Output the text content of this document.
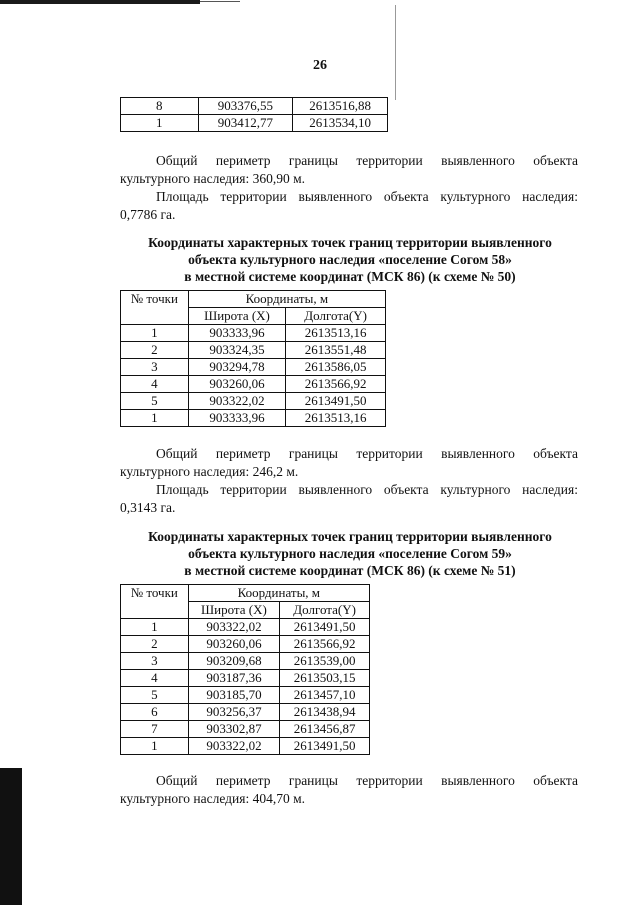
26
8	903376,55	2613516,88
1	903412,77	2613534,10

Общий периметр границы территории выявленного объекта
культурного наследия: 360,90 м.

Площадь территории выявленного объекта культурного наследия:
0,7786 га.

Координаты характерных точек границ территории выявленного
объекта культурного наследия «поселение Согом 58»
в местной системе координат (МСК 86) (к схеме № 50)
№ точки	Координаты, м	
	Широта (X)	Долгота(Y)
1	903333,96	2613513,16
2	903324,35	2613551,48
3	903294,78	2613586,05
4	903260,06	2613566,92
5	903322,02	2613491,50
1	903333,96	2613513,16

Общий периметр границы территории выявленного объекта
культурного наследия: 246,2 м.

Площадь территории выявленного объекта культурного наследия:
0,3143 га.

Координаты характерных точек границ территории выявленного
объекта культурного наследия «поселение Согом 59»
в местной системе координат (МСК 86) (к схеме № 51)
№ точки	Координаты, м	
	Широта (X)	Долгота(Y)
1	903322,02	2613491,50
2	903260,06	2613566,92
3	903209,68	2613539,00
4	903187,36	2613503,15
5	903185,70	2613457,10
6	903256,37	2613438,94
7	903302,87	2613456,87
1	903322,02	2613491,50

Общий периметр границы территории выявленного объекта
культурного наследия: 404,70 м.
